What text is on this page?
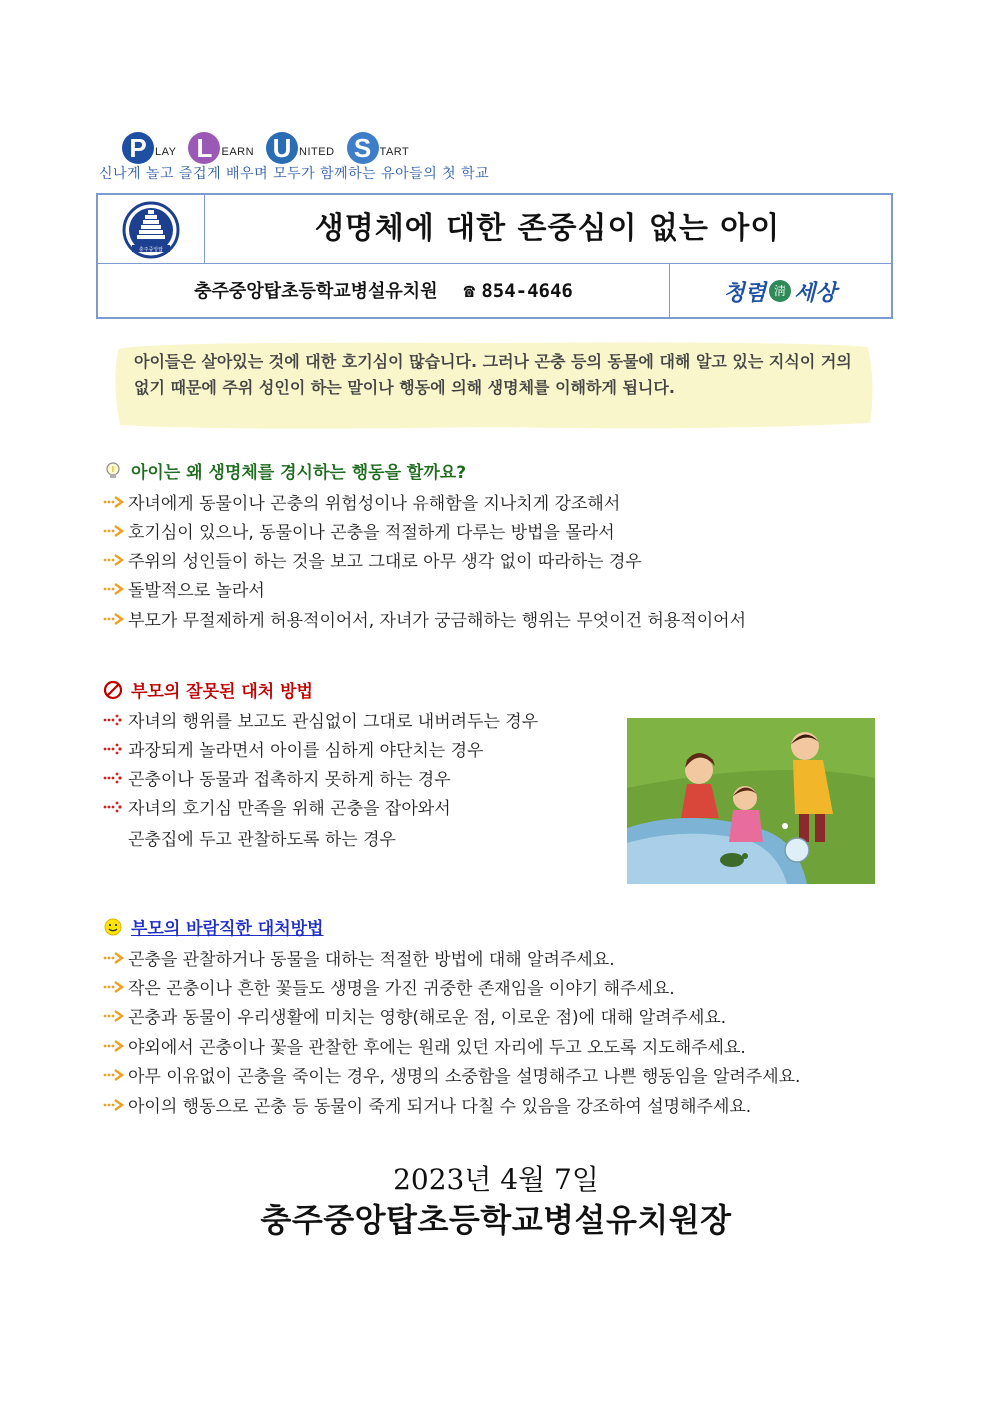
P LAY L EARN U NITED S TART
신나게 놀고 즐겁게 배우며 모두가 함께하는 유아들의 첫 학교
충주중앙탑
생명체에 대한 존중심이 없는 아이
충주중앙탑초등학교병설유치원 ☎ 854-4646	청렴 淸 세상
아이들은 살아있는 것에 대한 호기심이 많습니다. 그러나 곤충 등의 동물에 대해 알고 있는 지식이 거의 없기 때문에 주위 성인이 하는 말이나 행동에 의해 생명체를 이해하게 됩니다.
아이는 왜 생명체를 경시하는 행동을 할까요?
자녀에게 동물이나 곤충의 위험성이나 유해함을 지나치게 강조해서
호기심이 있으나, 동물이나 곤충을 적절하게 다루는 방법을 몰라서
주위의 성인들이 하는 것을 보고 그대로 아무 생각 없이 따라하는 경우
돌발적으로 놀라서
부모가 무절제하게 허용적이어서, 자녀가 궁금해하는 행위는 무엇이건 허용적이어서
부모의 잘못된 대처 방법
자녀의 행위를 보고도 관심없이 그대로 내버려두는 경우
과장되게 놀라면서 아이를 심하게 야단치는 경우
곤충이나 동물과 접촉하지 못하게 하는 경우
자녀의 호기심 만족을 위해 곤충을 잡아와서
곤충집에 두고 관찰하도록 하는 경우
부모의 바람직한 대처방법
곤충을 관찰하거나 동물을 대하는 적절한 방법에 대해 알려주세요.
작은 곤충이나 흔한 꽃들도 생명을 가진 귀중한 존재임을 이야기 해주세요.
곤충과 동물이 우리생활에 미치는 영향(해로운 점, 이로운 점)에 대해 알려주세요.
야외에서 곤충이나 꽃을 관찰한 후에는 원래 있던 자리에 두고 오도록 지도해주세요.
아무 이유없이 곤충을 죽이는 경우, 생명의 소중함을 설명해주고 나쁜 행동임을 알려주세요.
아이의 행동으로 곤충 등 동물이 죽게 되거나 다칠 수 있음을 강조하여 설명해주세요.
2023년 4월 7일
충주중앙탑초등학교병설유치원장
